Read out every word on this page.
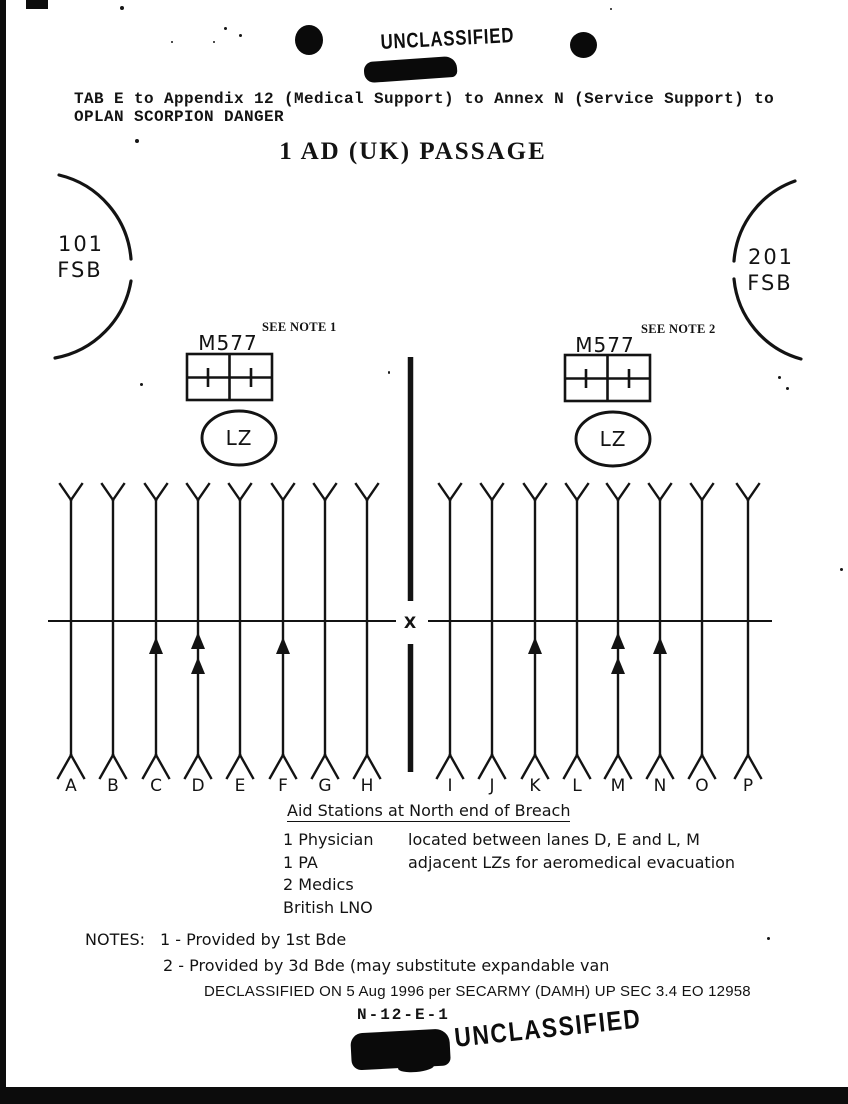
UNCLASSIFIED
UNCLASSIFIED
TAB E to Appendix 12 (Medical Support) to Annex N (Service Support) to
OPLAN SCORPION DANGER
1 AD (UK) PASSAGE
101
FSB
201
FSB
M577
SEE NOTE 1
M577
SEE NOTE 2
LZ	LZ
X
A B C D E F G H	I J K L M N O P
Aid Stations at North end of Breach
1 Physician
1 PA
2 Medics
British LNO
located between lanes D, E and L, M
adjacent LZs for aeromedical evacuation
NOTES: 1 - Provided by 1st Bde
2 - Provided by 3d Bde (may substitute expandable van
DECLASSIFIED ON 5 Aug 1996 per SECARMY (DAMH) UP SEC 3.4 EO 12958
N-12-E-1
